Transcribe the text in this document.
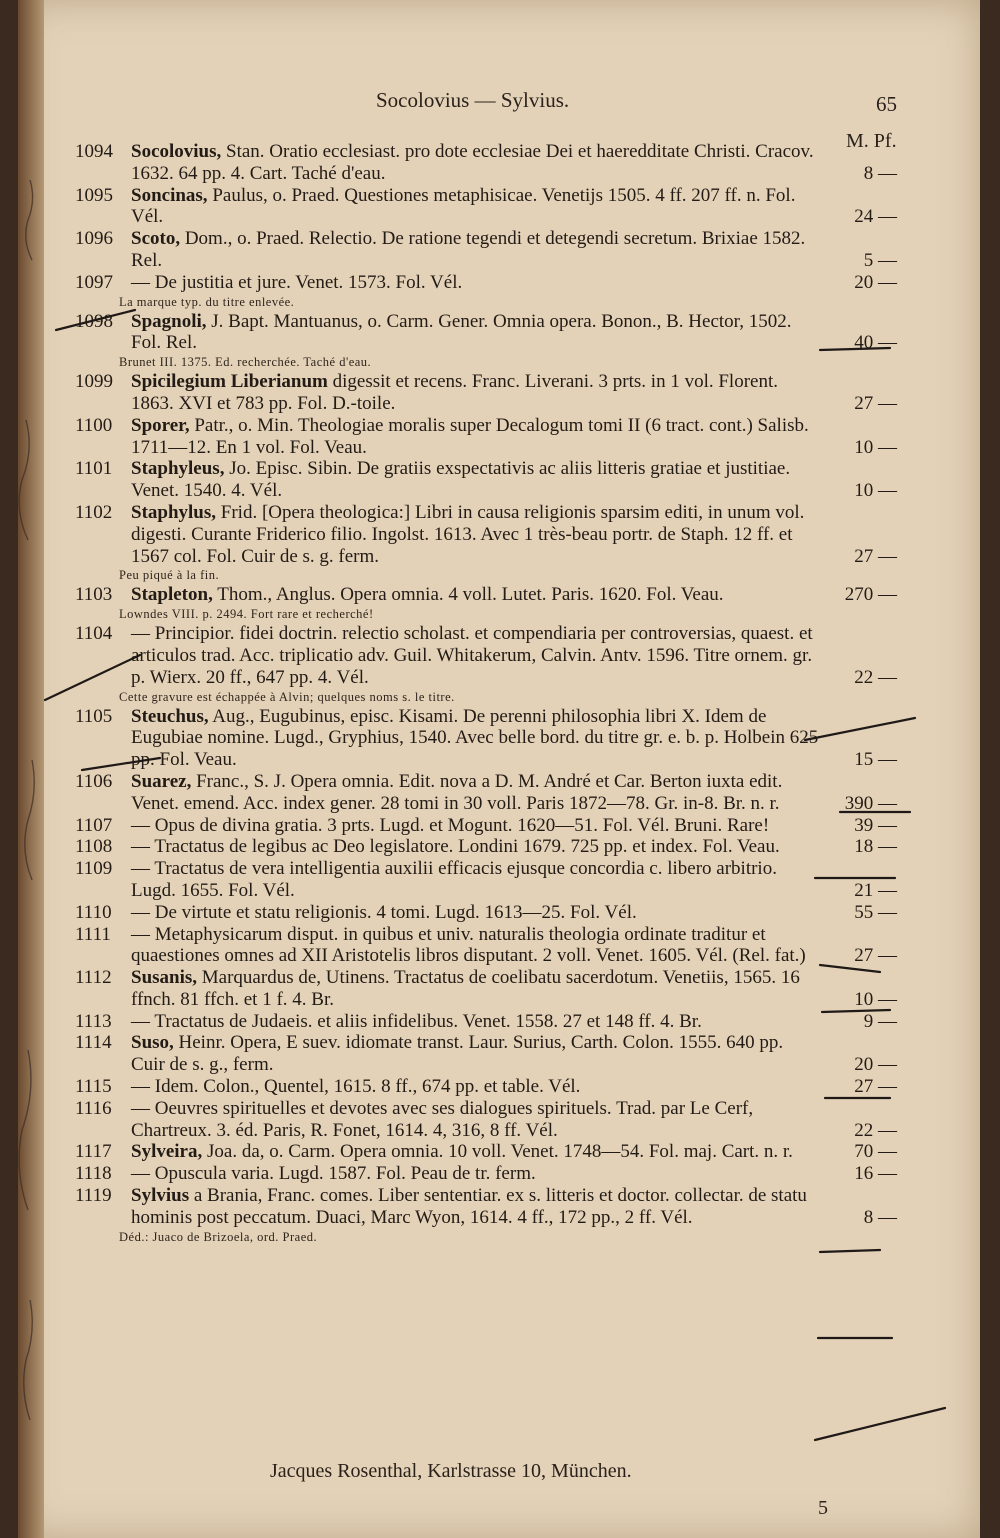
Socolovius — Sylvius.	65
M. Pf.
1094 Socolovius, Stan. Oratio ecclesiast. pro dote ecclesiae Dei et haeredditate Christi. Cracov. 1632. 64 pp. 4. Cart. Taché d'eau.	8 —
1095 Soncinas, Paulus, o. Praed. Questiones metaphisicae. Venetijs 1505. 4 ff. 207 ff. n. Fol. Vél.	24 —
1096 Scoto, Dom., o. Praed. Relectio. De ratione tegendi et detegendi secretum. Brixiae 1582. Rel.	5 —
1097 — De justitia et jure. Venet. 1573. Fol. Vél.	20 —
La marque typ. du titre enlevée.
1098 Spagnoli, J. Bapt. Mantuanus, o. Carm. Gener. Omnia opera. Bonon., B. Hector, 1502. Fol. Rel.	40 —
Brunet III. 1375. Ed. recherchée. Taché d'eau.
1099 Spicilegium Liberianum digessit et recens. Franc. Liverani. 3 prts. in 1 vol. Florent. 1863. XVI et 783 pp. Fol. D.-toile.	27 —
1100 Sporer, Patr., o. Min. Theologiae moralis super Decalogum tomi II (6 tract. cont.) Salisb. 1711—12. En 1 vol. Fol. Veau.	10 —
1101 Staphyleus, Jo. Episc. Sibin. De gratiis exspectativis ac aliis litteris gratiae et justitiae. Venet. 1540. 4. Vél.	10 —
1102 Staphylus, Frid. [Opera theologica:] Libri in causa religionis sparsim editi, in unum vol. digesti. Curante Friderico filio. Ingolst. 1613. Avec 1 très-beau portr. de Staph. 12 ff. et 1567 col. Fol. Cuir de s. g. ferm.	27 —
Peu piqué à la fin.
1103 Stapleton, Thom., Anglus. Opera omnia. 4 voll. Lutet. Paris. 1620. Fol. Veau.	270 —
Lowndes VIII. p. 2494. Fort rare et recherché!
1104 — Principior. fidei doctrin. relectio scholast. et compendiaria per controversias, quaest. et articulos trad. Acc. triplicatio adv. Guil. Whitakerum, Calvin. Antv. 1596. Titre ornem. gr. p. Wierx. 20 ff., 647 pp. 4. Vél.	22 —
Cette gravure est échappée à Alvin; quelques noms s. le titre.
1105 Steuchus, Aug., Eugubinus, episc. Kisami. De perenni philosophia libri X. Idem de Eugubiae nomine. Lugd., Gryphius, 1540. Avec belle bord. du titre gr. e. b. p. Holbein 625 pp. Fol. Veau.	15 —
1106 Suarez, Franc., S. J. Opera omnia. Edit. nova a D. M. André et Car. Berton iuxta edit. Venet. emend. Acc. index gener. 28 tomi in 30 voll. Paris 1872—78. Gr. in-8. Br. n. r.	390 —
1107 — Opus de divina gratia. 3 prts. Lugd. et Mogunt. 1620—51. Fol. Vél. Bruni. Rare!	39 —
1108 — Tractatus de legibus ac Deo legislatore. Londini 1679. 725 pp. et index. Fol. Veau.	18 —
1109 — Tractatus de vera intelligentia auxilii efficacis ejusque concordia c. libero arbitrio. Lugd. 1655. Fol. Vél.	21 —
1110 — De virtute et statu religionis. 4 tomi. Lugd. 1613—25. Fol. Vél.	55 —
1111 — Metaphysicarum disput. in quibus et univ. naturalis theologia ordinate traditur et quaestiones omnes ad XII Aristotelis libros disputant. 2 voll. Venet. 1605. Vél. (Rel. fat.)	27 —
1112 Susanis, Marquardus de, Utinens. Tractatus de coelibatu sacerdotum. Venetiis, 1565. 16 ffnch. 81 ffch. et 1 f. 4. Br.	10 —
1113 — Tractatus de Judaeis. et aliis infidelibus. Venet. 1558. 27 et 148 ff. 4. Br.	9 —
1114 Suso, Heinr. Opera, E suev. idiomate transt. Laur. Surius, Carth. Colon. 1555. 640 pp. Cuir de s. g., ferm.	20 —
1115 — Idem. Colon., Quentel, 1615. 8 ff., 674 pp. et table. Vél.	27 —
1116 — Oeuvres spirituelles et devotes avec ses dialogues spirituels. Trad. par Le Cerf, Chartreux. 3. éd. Paris, R. Fonet, 1614. 4, 316, 8 ff. Vél.	22 —
1117 Sylveira, Joa. da, o. Carm. Opera omnia. 10 voll. Venet. 1748—54. Fol. maj. Cart. n. r.	70 —
1118 — Opuscula varia. Lugd. 1587. Fol. Peau de tr. ferm.	16 —
1119 Sylvius a Brania, Franc. comes. Liber sententiar. ex s. litteris et doctor. collectar. de statu hominis post peccatum. Duaci, Marc Wyon, 1614. 4 ff., 172 pp., 2 ff. Vél.	8 —
Déd.: Juaco de Brizoela, ord. Praed.
Jacques Rosenthal, Karlstrasse 10, München.
5
